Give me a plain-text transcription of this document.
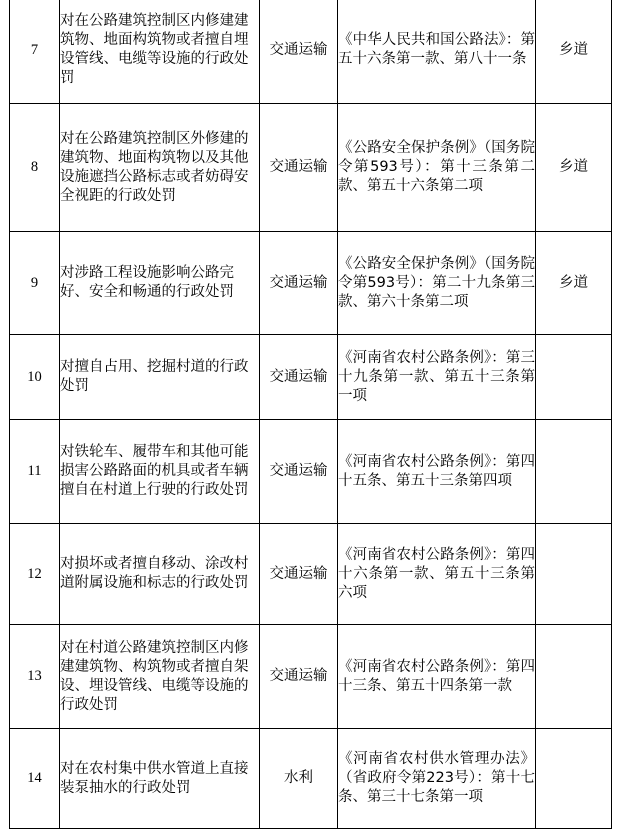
7	对在公路建筑控制区内修建建筑物、地面构筑物或者擅自埋设管线、电缆等设施的行政处罚	交通运输	《中华人民共和国公路法》：第五十六条第一款、第八十一条	乡道

8	对在公路建筑控制区外修建的建筑物、地面构筑物以及其他设施遮挡公路标志或者妨碍安全视距的行政处罚	交通运输	《公路安全保护条例》（国务院令第593号）：第十三条第二款、第五十六条第二项	乡道

9	对涉路工程设施影响公路完好、安全和畅通的行政处罚	交通运输	《公路安全保护条例》（国务院令第593号）：第二十九条第三款、第六十条第二项	乡道

10	对擅自占用、挖掘村道的行政处罚	交通运输	《河南省农村公路条例》：第三十九条第一款、第五十三条第一项	

11	对铁轮车、履带车和其他可能损害公路路面的机具或者车辆擅自在村道上行驶的行政处罚	交通运输	《河南省农村公路条例》：第四十五条、第五十三条第四项	

12	对损坏或者擅自移动、涂改村道附属设施和标志的行政处罚	交通运输	《河南省农村公路条例》：第四十六条第一款、第五十三条第六项	

13	对在村道公路建筑控制区内修建建筑物、构筑物或者擅自架设、埋设管线、电缆等设施的行政处罚	交通运输	《河南省农村公路条例》：第四十三条、第五十四条第一款	

14	对在农村集中供水管道上直接装泵抽水的行政处罚	水利	《河南省农村供水管理办法》（省政府令第223号）：第十七条、第三十七条第一项	
